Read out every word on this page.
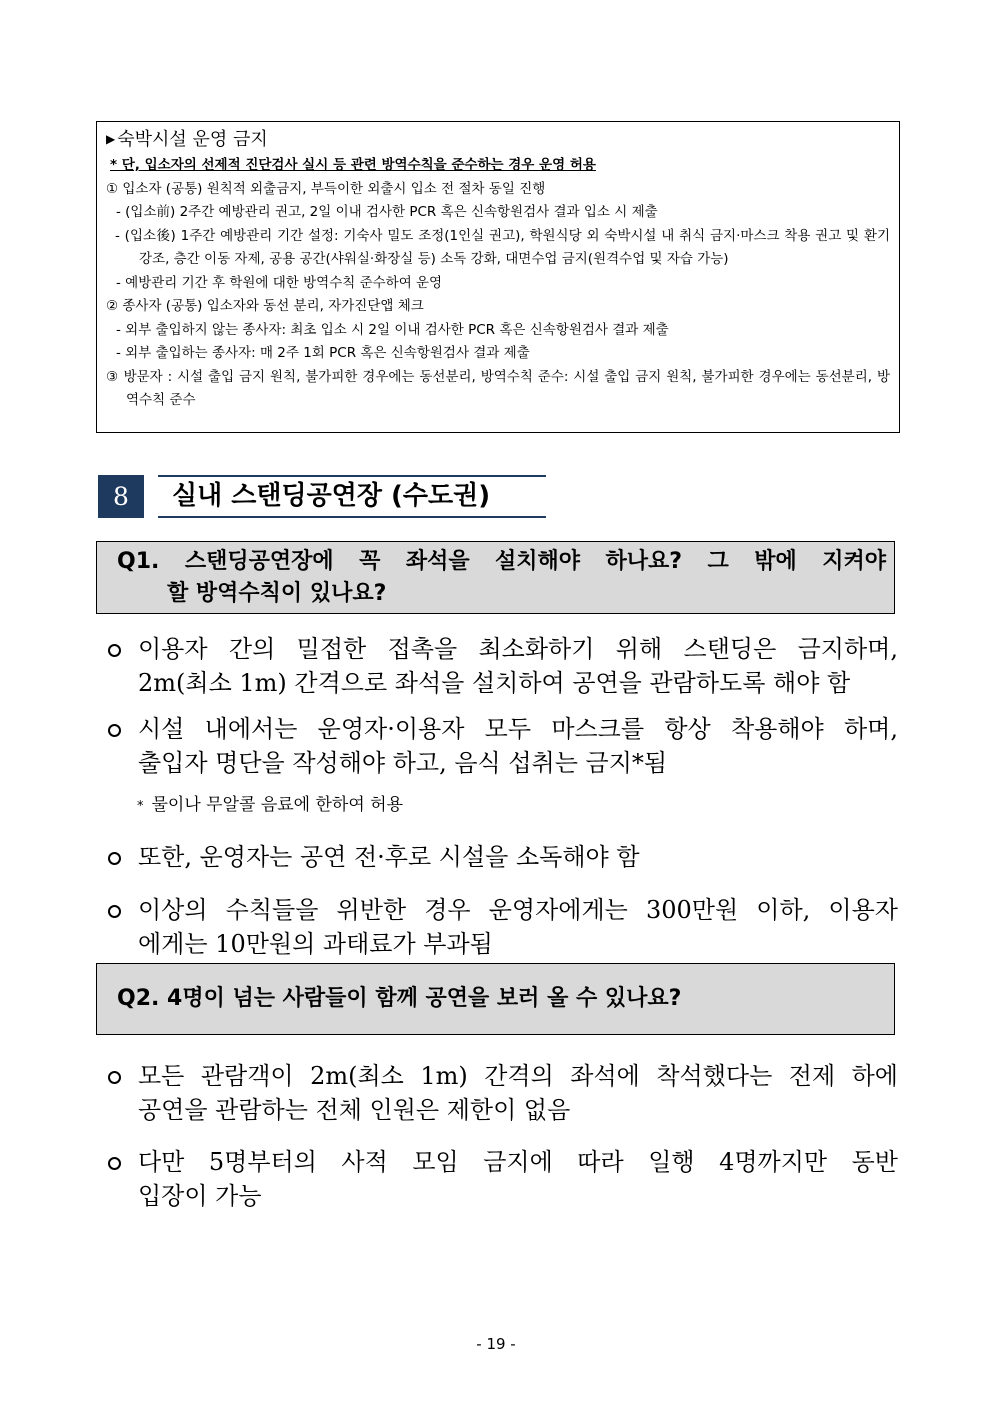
▶ 숙박시설 운영 금지
* 단, 입소자의 선제적 진단검사 실시 등 관련 방역수칙을 준수하는 경우 운영 허용
① 입소자 (공통) 원칙적 외출금지, 부득이한 외출시 입소 전 절차 동일 진행
- (입소前) 2주간 예방관리 권고, 2일 이내 검사한 PCR 혹은 신속항원검사 결과 입소 시 제출
- (입소後) 1주간 예방관리 기간 설정: 기숙사 밀도 조정(1인실 권고), 학원식당 외 숙박시설 내 취식 금지·마스크 착용 권고 및 환기 강조, 층간 이동 자제, 공용 공간(샤워실·화장실 등) 소독 강화, 대면수업 금지(원격수업 및 자습 가능)
- 예방관리 기간 후 학원에 대한 방역수칙 준수하여 운영
② 종사자 (공통) 입소자와 동선 분리, 자가진단앱 체크
- 외부 출입하지 않는 종사자: 최초 입소 시 2일 이내 검사한 PCR 혹은 신속항원검사 결과 제출
- 외부 출입하는 종사자: 매 2주 1회 PCR 혹은 신속항원검사 결과 제출
③ 방문자 : 시설 출입 금지 원칙, 불가피한 경우에는 동선분리, 방역수칙 준수: 시설 출입 금지 원칙, 불가피한 경우에는 동선분리, 방역수칙 준수
8	실내 스탠딩공연장 (수도권)
Q1. 스탠딩공연장에 꼭 좌석을 설치해야 하나요? 그 밖에 지켜야
할 방역수칙이 있나요?
이용자 간의 밀접한 접촉을 최소화하기 위해 스탠딩은 금지하며,
2m(최소 1m) 간격으로 좌석을 설치하여 공연을 관람하도록 해야 함
시설 내에서는 운영자·이용자 모두 마스크를 항상 착용해야 하며,
출입자 명단을 작성해야 하고, 음식 섭취는 금지*됨
* 물이나 무알콜 음료에 한하여 허용
또한, 운영자는 공연 전·후로 시설을 소독해야 함
이상의 수칙들을 위반한 경우 운영자에게는 300만원 이하, 이용자
에게는 10만원의 과태료가 부과됨
Q2. 4명이 넘는 사람들이 함께 공연을 보러 올 수 있나요?
모든 관람객이 2m(최소 1m) 간격의 좌석에 착석했다는 전제 하에
공연을 관람하는 전체 인원은 제한이 없음
다만 5명부터의 사적 모임 금지에 따라 일행 4명까지만 동반
입장이 가능
- 19 -
